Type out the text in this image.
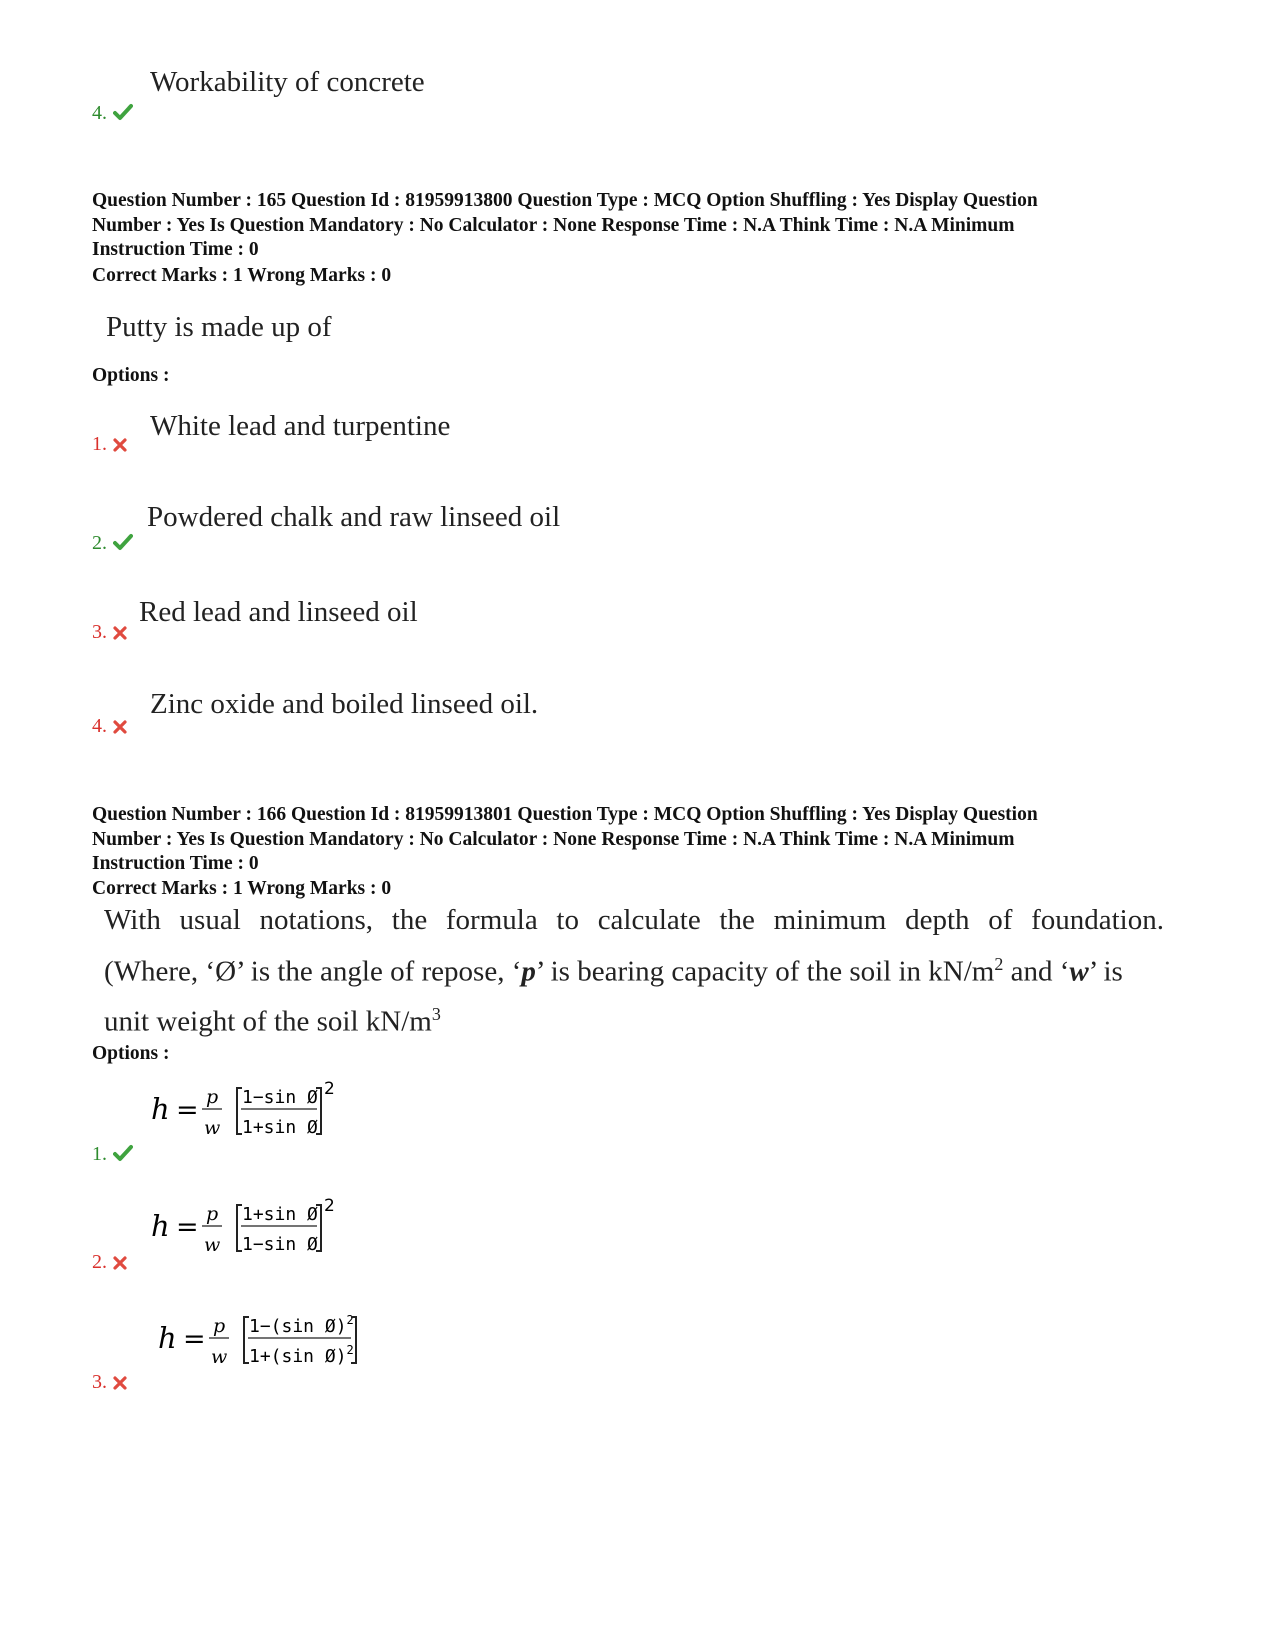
Workability of concrete
4.
Question Number : 165 Question Id : 81959913800 Question Type : MCQ Option Shuffling : Yes Display Question
Number : Yes Is Question Mandatory : No Calculator : None Response Time : N.A Think Time : N.A Minimum
Instruction Time : 0
Correct Marks : 1 Wrong Marks : 0
Putty is made up of
Options :
White lead and turpentine
1.
Powdered chalk and raw linseed oil
2.
Red lead and linseed oil
3.
Zinc oxide and boiled linseed oil.
4.
Question Number : 166 Question Id : 81959913801 Question Type : MCQ Option Shuffling : Yes Display Question
Number : Yes Is Question Mandatory : No Calculator : None Response Time : N.A Think Time : N.A Minimum
Instruction Time : 0
Correct Marks : 1 Wrong Marks : 0
With usual notations, the formula to calculate the minimum depth of foundation.
(Where, ‘Ø’ is the angle of repose, ‘p’ is bearing capacity of the soil in $kN/m^2$ and ‘w’ is
unit weight of the soil $kN/m^3$
Options :
h = p
w
1−sin Ø
1+sin Ø
2
1.
h = p
w
1+sin Ø
1−sin Ø
2
2.
h = p
w
1−(sin Ø)$^2$
1+(sin Ø)$^2$
3.
